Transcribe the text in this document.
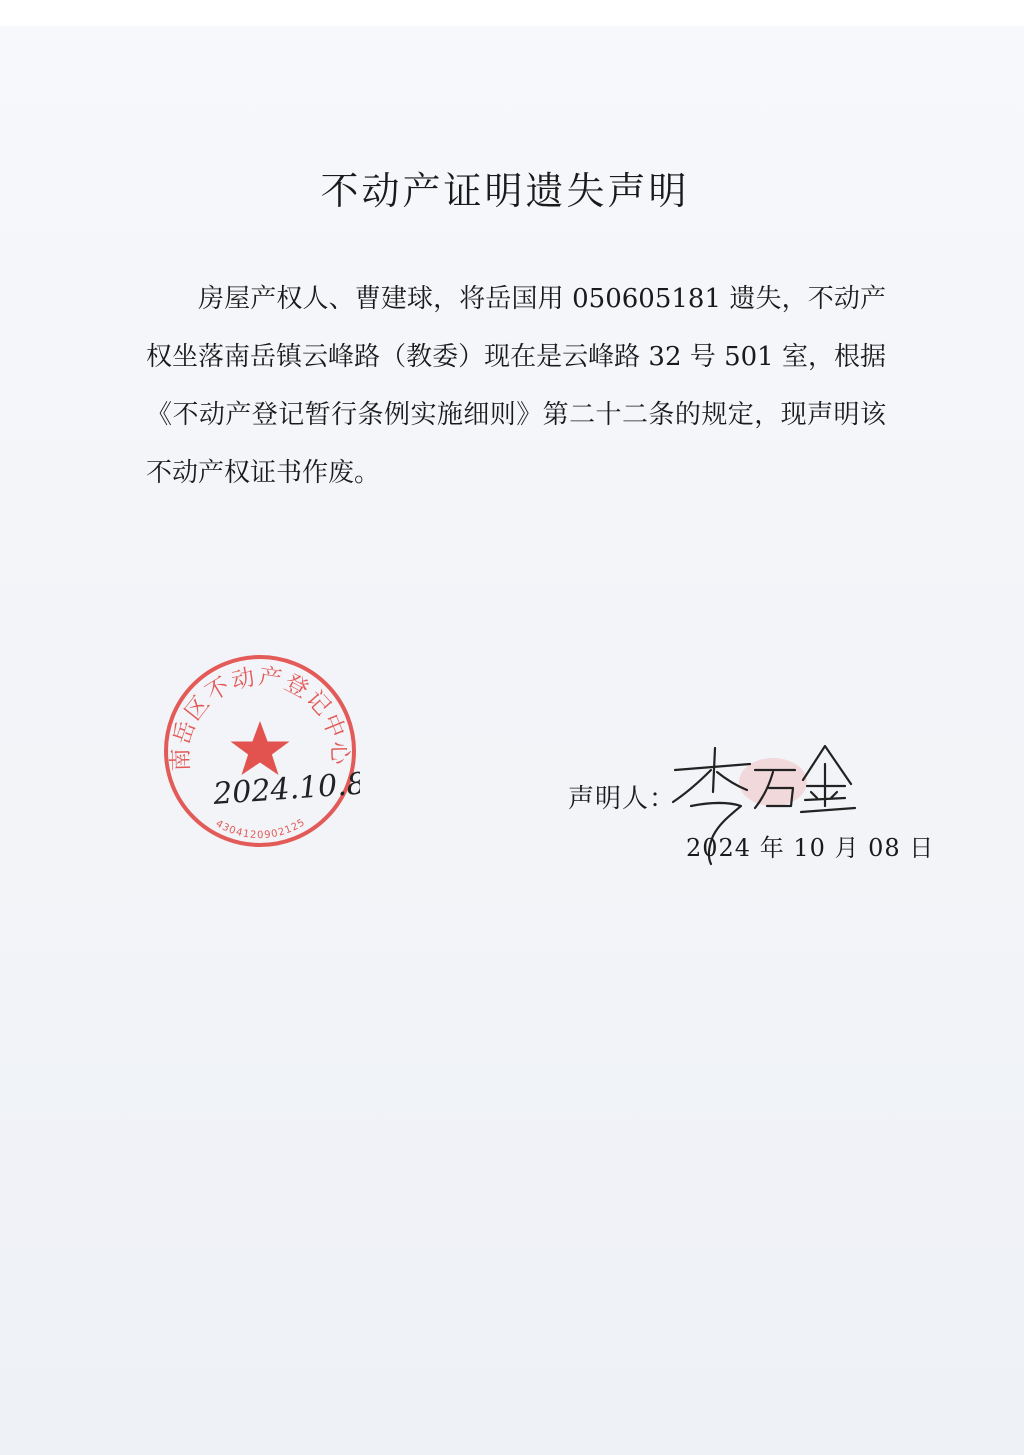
不动产证明遗失声明

房屋产权人、曹建球，将岳国用 050605181 遗失，不动产权坐落南岳镇云峰路（教委）现在是云峰路 32 号 501 室，根据《不动产登记暂行条例实施细则》第二十二条的规定，现声明该不动产权证书作废。

南岳区不动产登记中心
4304120902125
2024.10.8.	声明人：
2024 年 10 月 08 日
